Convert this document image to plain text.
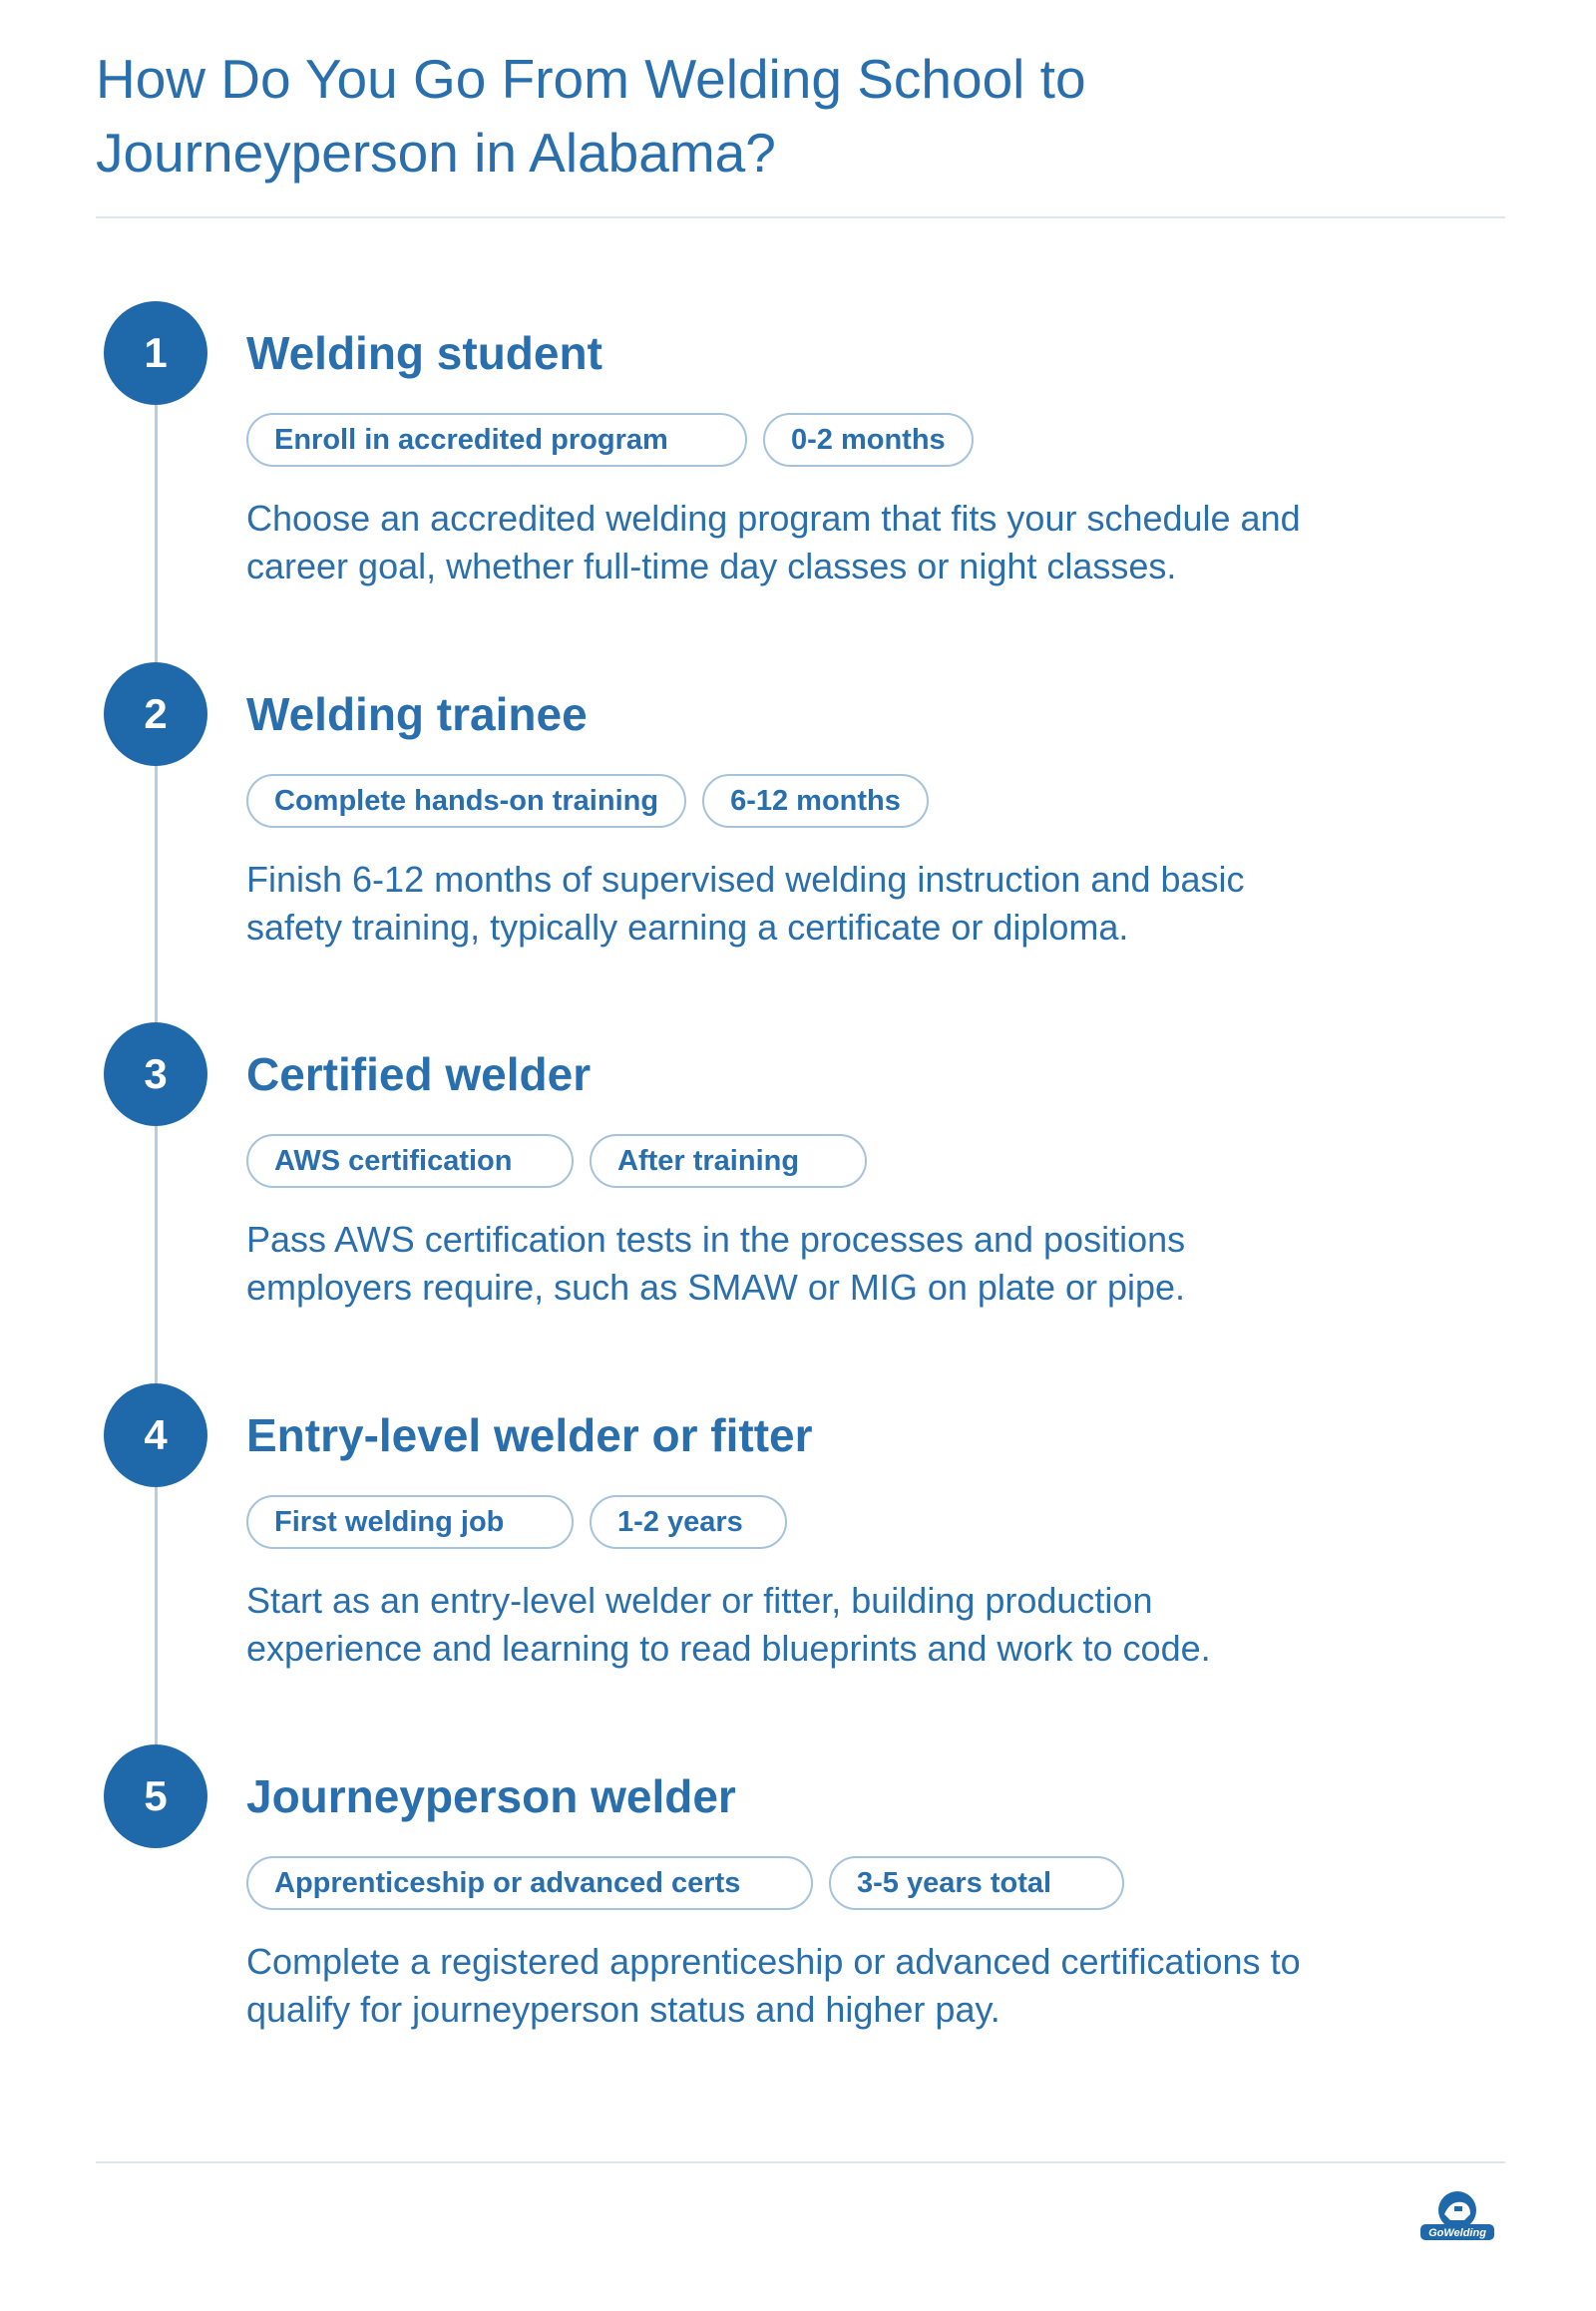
How Do You Go From Welding School to
Journeyperson in Alabama?
1	Welding student
Enroll in accredited program	0-2 months

Choose an accredited welding program that fits your schedule and career goal, whether full-time day classes or night classes.

2	Welding trainee
Complete hands-on training	6-12 months

Finish 6-12 months of supervised welding instruction and basic safety training, typically earning a certificate or diploma.

3	Certified welder
AWS certification	After training

Pass AWS certification tests in the processes and positions employers require, such as SMAW or MIG on plate or pipe.

4	Entry-level welder or fitter
First welding job	1-2 years

Start as an entry-level welder or fitter, building production experience and learning to read blueprints and work to code.

5	Journeyperson welder
Apprenticeship or advanced certs	3-5 years total

Complete a registered apprenticeship or advanced certifications to qualify for journeyperson status and higher pay.

GoWelding
